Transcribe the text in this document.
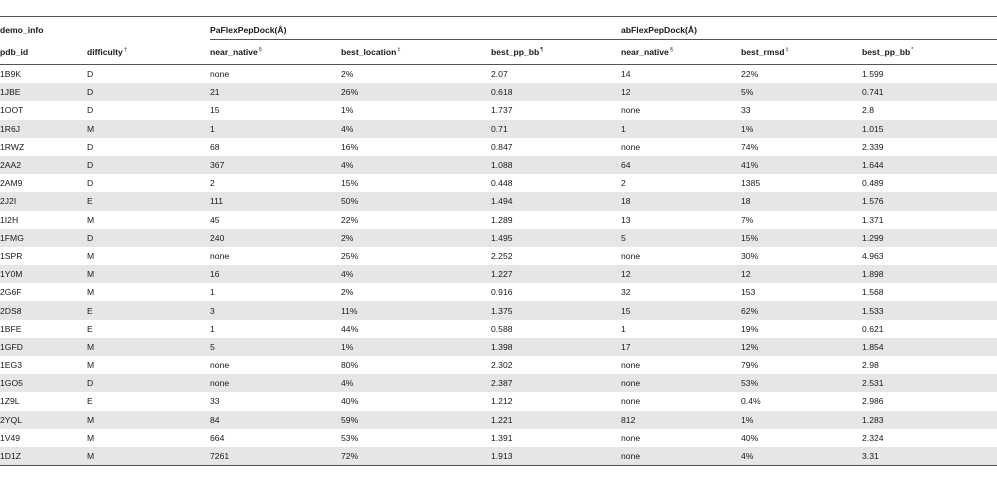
demo_info		PaFlexPepDock(Å)			abFlexPepDock(Å)		
pdb_id	difficulty†	near_native§	best_location‡	best_pp_bb¶	near_native§	best_rmsd‡	best_pp_bb*
1B9K	D	none	2%	2.07	14	22%	1.599
1JBE	D	21	26%	0.618	12	5%	0.741
1OOT	D	15	1%	1.737	none	33	2.8
1R6J	M	1	4%	0.71	1	1%	1.015
1RWZ	D	68	16%	0.847	none	74%	2.339
2AA2	D	367	4%	1.088	64	41%	1.644
2AM9	D	2	15%	0.448	2	1385	0.489
2J2I	E	111	50%	1.494	18	18	1.576
1I2H	M	45	22%	1.289	13	7%	1.371
1FMG	D	240	2%	1.495	5	15%	1.299
1SPR	M	none	25%	2.252	none	30%	4.963
1Y0M	M	16	4%	1.227	12	12	1.898
2G6F	M	1	2%	0.916	32	153	1.568
2DS8	E	3	11%	1.375	15	62%	1.533
1BFE	E	1	44%	0.588	1	19%	0.621
1GFD	M	5	1%	1.398	17	12%	1.854
1EG3	M	none	80%	2.302	none	79%	2.98
1GO5	D	none	4%	2.387	none	53%	2.531
1Z9L	E	33	40%	1.212	none	0.4%	2.986
2YQL	M	84	59%	1.221	812	1%	1.283
1V49	M	664	53%	1.391	none	40%	2.324
1D1Z	M	7261	72%	1.913	none	4%	3.31
